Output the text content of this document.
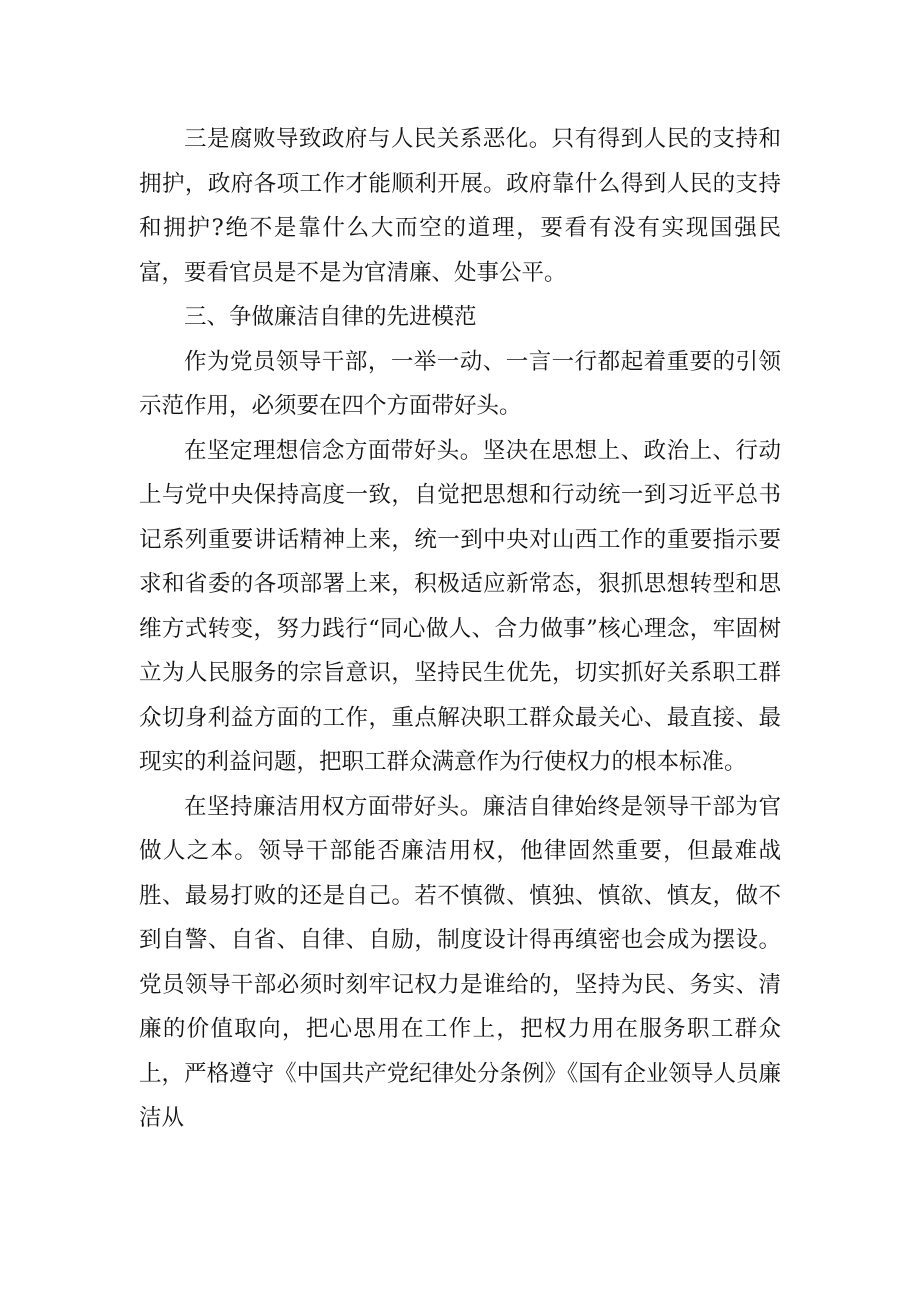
三是腐败导致政府与人民关系恶化。只有得到人民的支持和拥护，政府各项工作才能顺利开展。政府靠什么得到人民的支持和拥护?绝不是靠什么大而空的道理，要看有没有实现国强民富，要看官员是不是为官清廉、处事公平。

三、争做廉洁自律的先进模范

作为党员领导干部，一举一动、一言一行都起着重要的引领示范作用，必须要在四个方面带好头。

在坚定理想信念方面带好头。坚决在思想上、政治上、行动上与党中央保持高度一致，自觉把思想和行动统一到习近平总书记系列重要讲话精神上来，统一到中央对山西工作的重要指示要求和省委的各项部署上来，积极适应新常态，狠抓思想转型和思维方式转变，努力践行“同心做人、合力做事”核心理念，牢固树立为人民服务的宗旨意识，坚持民生优先，切实抓好关系职工群众切身利益方面的工作，重点解决职工群众最关心、最直接、最现实的利益问题，把职工群众满意作为行使权力的根本标准。

在坚持廉洁用权方面带好头。廉洁自律始终是领导干部为官做人之本。领导干部能否廉洁用权，他律固然重要，但最难战胜、最易打败的还是自己。若不慎微、慎独、慎欲、慎友，做不到自警、自省、自律、自励，制度设计得再缜密也会成为摆设。党员领导干部必须时刻牢记权力是谁给的，坚持为民、务实、清廉的价值取向，把心思用在工作上，把权力用在服务职工群众上，严格遵守《中国共产党纪律处分条例》《国有企业领导人员廉洁从
